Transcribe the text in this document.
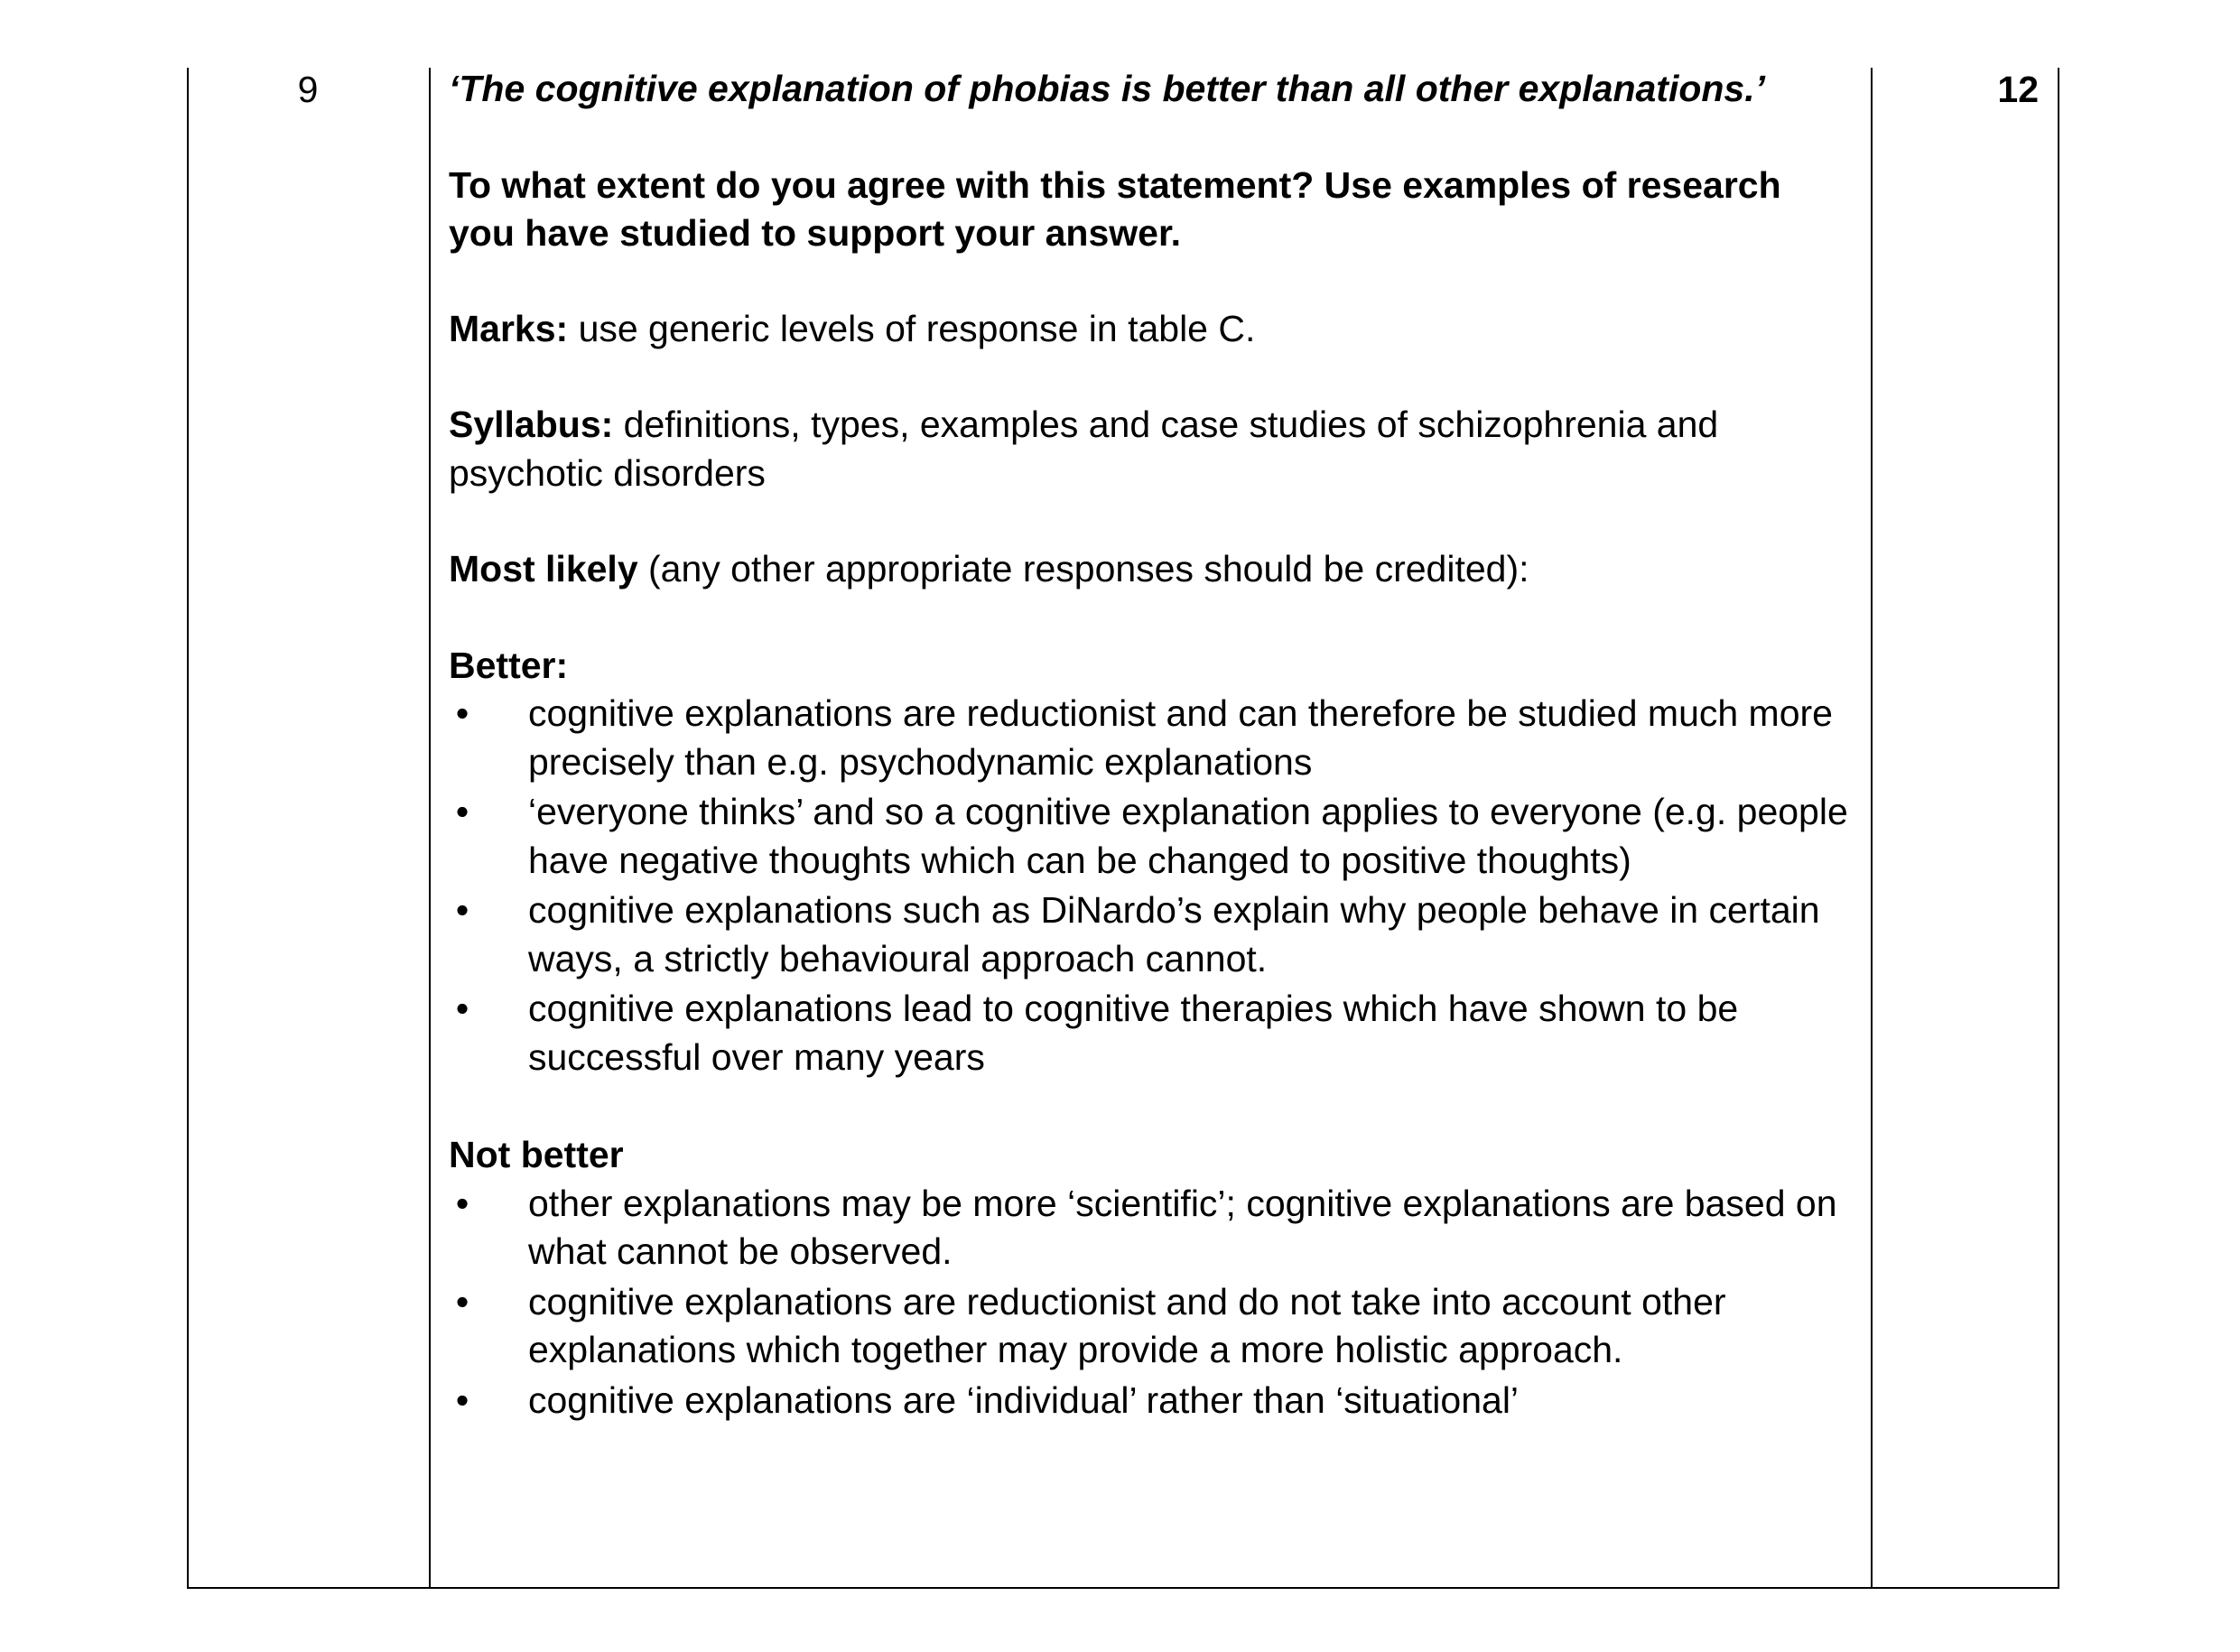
9	12

‘The cognitive explanation of phobias is better than all other explanations.’

To what extent do you agree with this statement? Use examples of research you have studied to support your answer.

Marks: use generic levels of response in table C.

Syllabus: definitions, types, examples and case studies of schizophrenia and psychotic disorders

Most likely (any other appropriate responses should be credited):

Better:

• cognitive explanations are reductionist and can therefore be studied much more precisely than e.g. psychodynamic explanations
• ‘everyone thinks’ and so a cognitive explanation applies to everyone (e.g. people have negative thoughts which can be changed to positive thoughts)
• cognitive explanations such as DiNardo’s explain why people behave in certain ways, a strictly behavioural approach cannot.
• cognitive explanations lead to cognitive therapies which have shown to be successful over many years

Not better

• other explanations may be more ‘scientific’; cognitive explanations are based on what cannot be observed.
• cognitive explanations are reductionist and do not take into account other explanations which together may provide a more holistic approach.
• cognitive explanations are ‘individual’ rather than ‘situational’
